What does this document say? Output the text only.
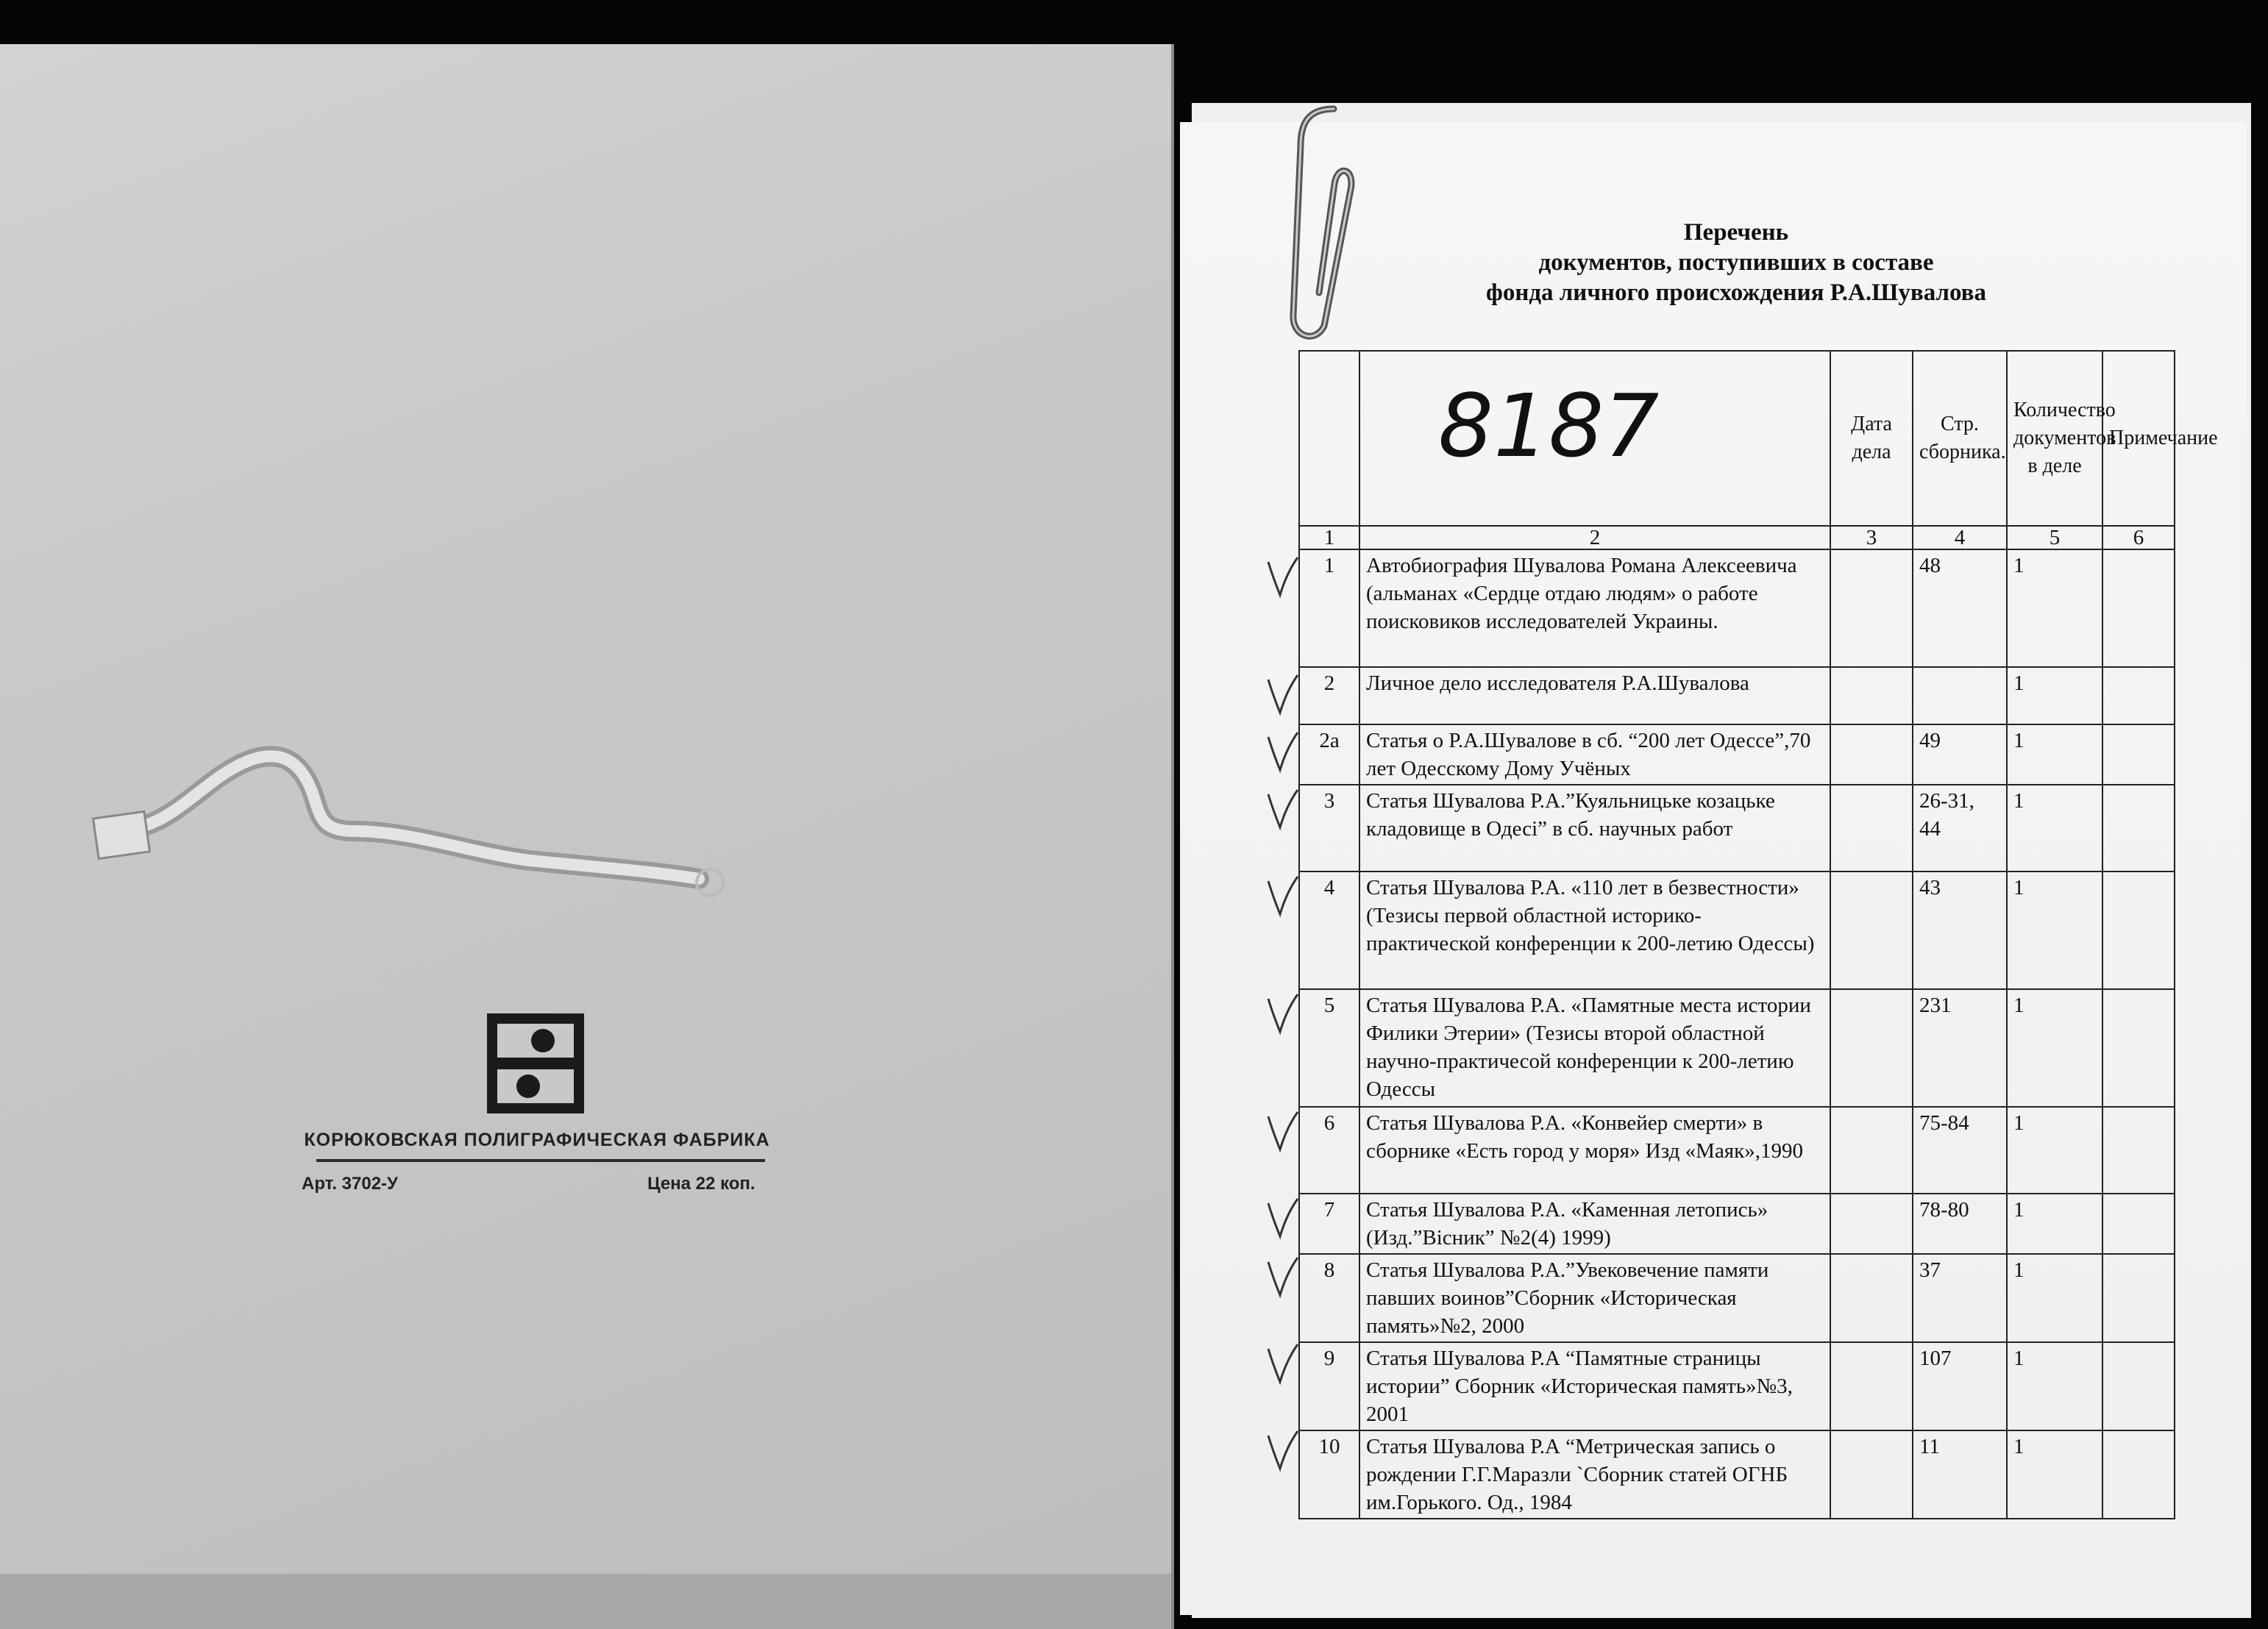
КОРЮКОВСКАЯ ПОЛИГРАФИЧЕСКАЯ ФАБРИКА
Арт. 3702-У	Цена 22 коп.
Перечень
документов, поступивших в составе
фонда личного происхождения Р.А.Шувалова
		Дата дела	Стр. сборника.	Количество документов в деле	Примечание
1	2	3	4	5	6
1	Автобиография Шувалова Романа Алексеевича (альманах «Сердце отдаю людям» о работе поисковиков исследователей Украины.		48	1	
2	Личное дело исследователя Р.А.Шувалова			1	
2а	Статья о Р.А.Шувалове в сб. “200 лет Одессе”,70 лет Одесскому Дому Учёных		49	1	
3	Статья Шувалова Р.А.”Куяльницьке козацьке кладовище в Одесі” в сб. научных работ		26-31, 44	1	
4	Статья Шувалова Р.А. «110 лет в безвестности» (Тезисы первой областной историко-практической конференции к 200-летию Одессы)		43	1	
5	Статья Шувалова Р.А. «Памятные места истории Филики Этерии» (Тезисы второй областной научно-практичесой конференции к 200-летию Одессы		231	1	
6	Статья Шувалова Р.А. «Конвейер смерти» в сборнике «Есть город у моря» Изд «Маяк»,1990		75-84	1	
7	Статья Шувалова Р.А. «Каменная летопись» (Изд.”Вісник” №2(4) 1999)		78-80	1	
8	Статья Шувалова Р.А.”Увековечение памяти павших воинов”Сборник «Историческая память»№2, 2000		37	1	
9	Статья Шувалова Р.А “Памятные страницы истории” Сборник «Историческая память»№3, 2001		107	1	
10	Статья Шувалова Р.А “Метрическая запись о рождении Г.Г.Маразли `Сборник статей ОГНБ им.Горького. Од., 1984		11	1	
8187
